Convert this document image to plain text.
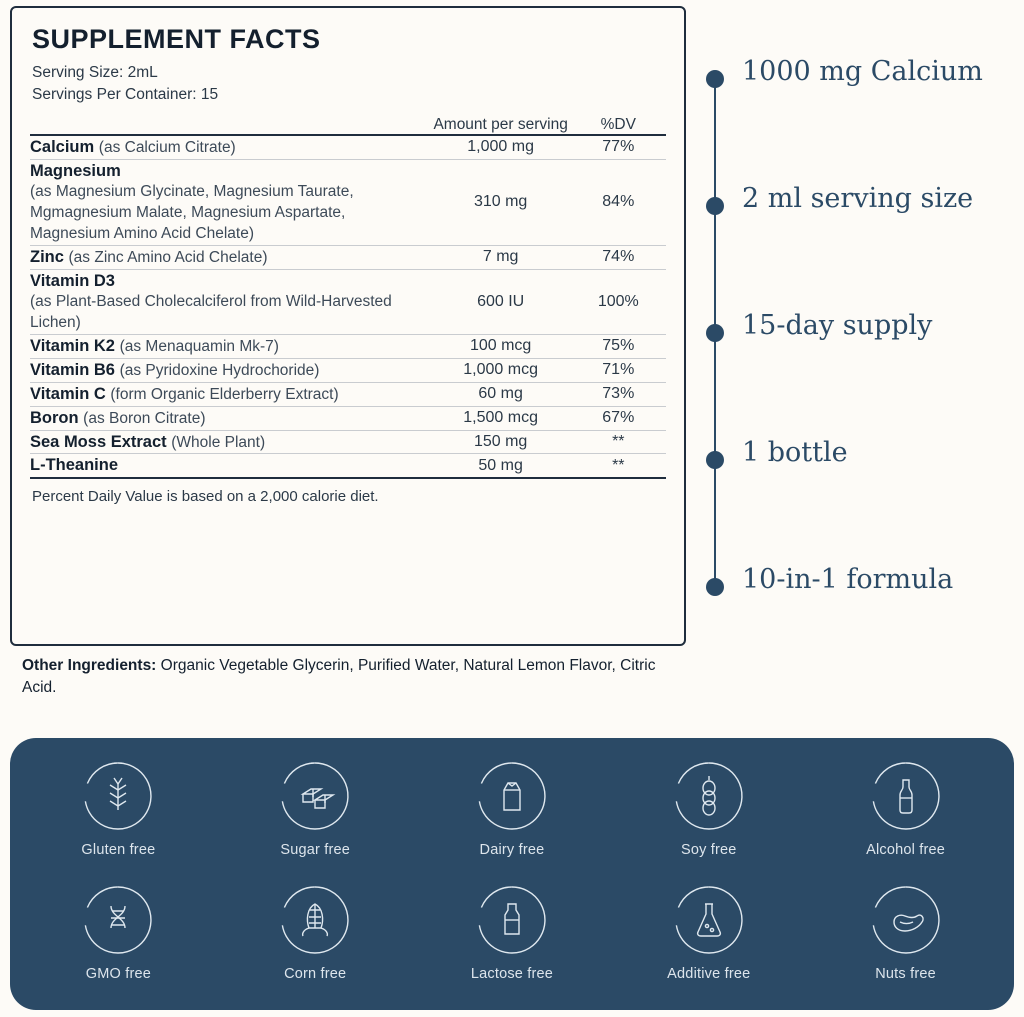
SUPPLEMENT FACTS
Serving Size: 2mL
Servings Per Container: 15
	Amount per serving	%DV
Calcium (as Calcium Citrate)	1,000 mg	77%
Magnesium
(as Magnesium Glycinate, Magnesium Taurate, Mgmagnesium Malate, Magnesium Aspartate, Magnesium Amino Acid Chelate)	310 mg	84%
Zinc (as Zinc Amino Acid Chelate)	7 mg	74%
Vitamin D3
(as Plant-Based Cholecalciferol from Wild-Harvested Lichen)	600 IU	100%
Vitamin K2 (as Menaquamin Mk-7)	100 mcg	75%
Vitamin B6 (as Pyridoxine Hydrochoride)	1,000 mcg	71%
Vitamin C (form Organic Elderberry Extract)	60 mg	73%
Boron (as Boron Citrate)	1,500 mcg	67%
Sea Moss Extract (Whole Plant)	150 mg	**
L-Theanine	50 mg	**
Percent Daily Value is based on a 2,000 calorie diet.
Other Ingredients: Organic Vegetable Glycerin, Purified Water, Natural Lemon Flavor, Citric Acid.
1000 mg Calcium
2 ml serving size
15-day supply
1 bottle
10-in-1 formula
Gluten free	Sugar free	Dairy free	Soy free	Alcohol free
GMO free	Corn free	Lactose free	Additive free	Nuts free
